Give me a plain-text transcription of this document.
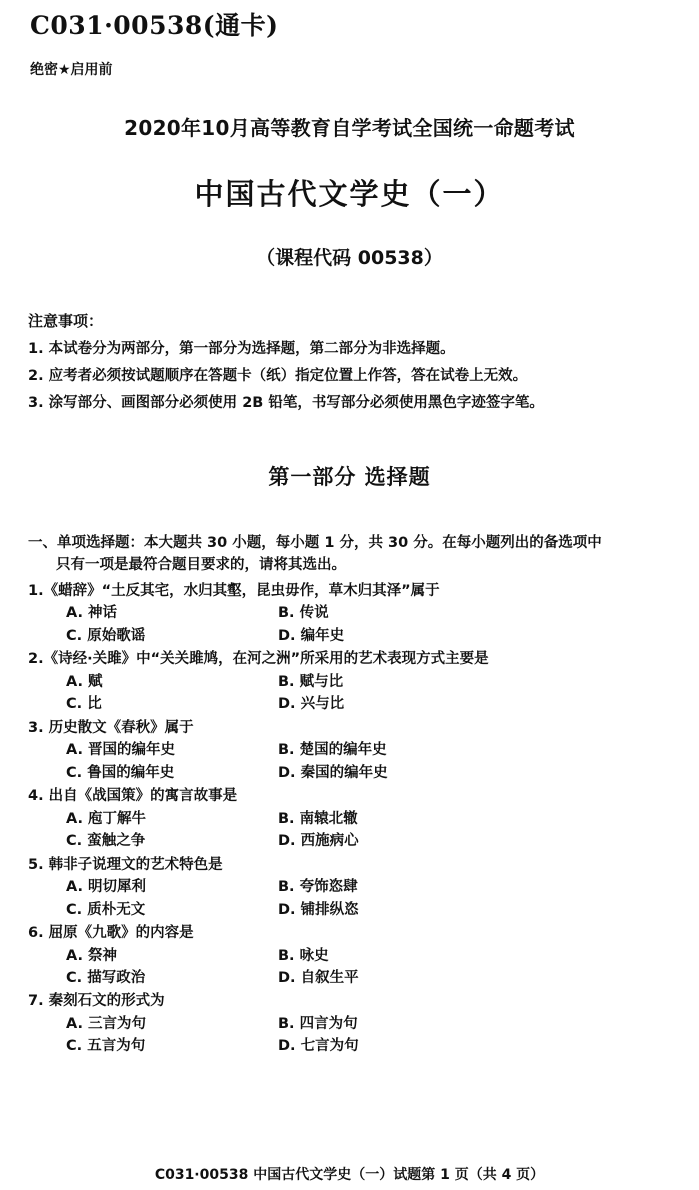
C031·00538(通卡)
绝密★启用前
2020年10月高等教育自学考试全国统一命题考试
中国古代文学史（一）
（课程代码 00538）
注意事项：
1. 本试卷分为两部分，第一部分为选择题，第二部分为非选择题。
2. 应考者必须按试题顺序在答题卡（纸）指定位置上作答，答在试卷上无效。
3. 涂写部分、画图部分必须使用 2B 铅笔，书写部分必须使用黑色字迹签字笔。
第一部分 选择题
一、单项选择题：本大题共 30 小题，每小题 1 分，共 30 分。在每小题列出的备选项中
只有一项是最符合题目要求的，请将其选出。
1.《蜡辞》“土反其宅，水归其壑，昆虫毋作，草木归其泽”属于
A. 神话	B. 传说
C. 原始歌谣	D. 编年史
2.《诗经·关雎》中“关关雎鸠，在河之洲”所采用的艺术表现方式主要是
A. 赋	B. 赋与比
C. 比	D. 兴与比
3. 历史散文《春秋》属于
A. 晋国的编年史	B. 楚国的编年史
C. 鲁国的编年史	D. 秦国的编年史
4. 出自《战国策》的寓言故事是
A. 庖丁解牛	B. 南辕北辙
C. 蛮触之争	D. 西施病心
5. 韩非子说理文的艺术特色是
A. 明切犀利	B. 夸饰恣肆
C. 质朴无文	D. 铺排纵恣
6. 屈原《九歌》的内容是
A. 祭神	B. 咏史
C. 描写政治	D. 自叙生平
7. 秦刻石文的形式为
A. 三言为句	B. 四言为句
C. 五言为句	D. 七言为句
C031·00538 中国古代文学史（一）试题第 1 页（共 4 页）
